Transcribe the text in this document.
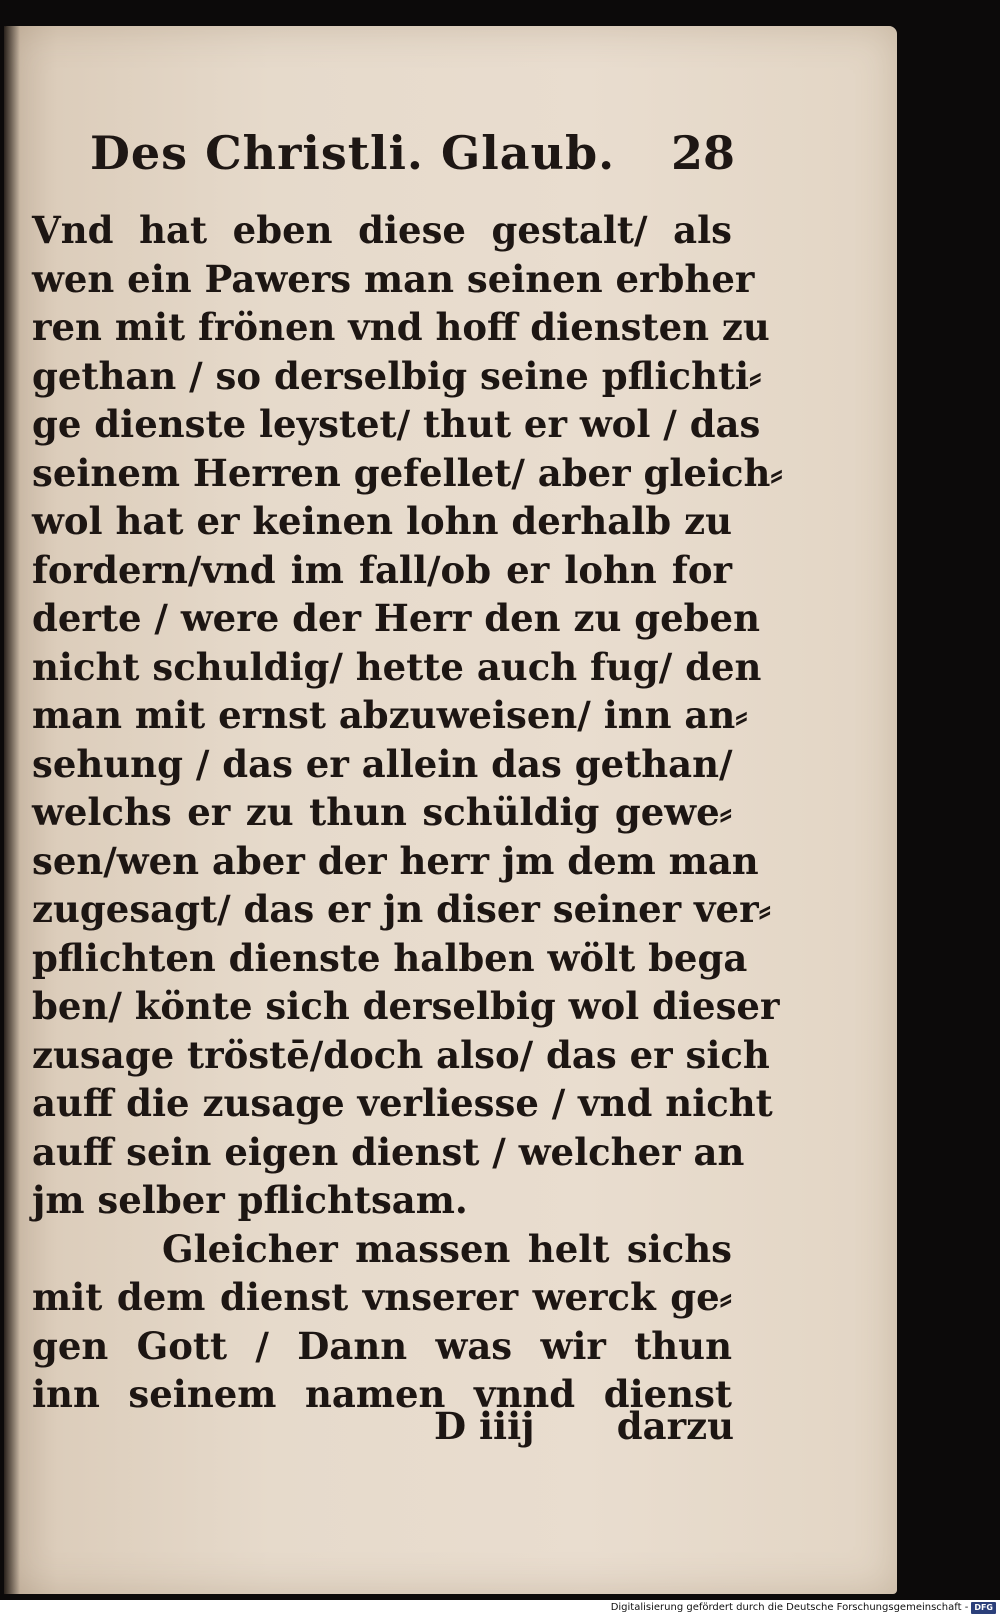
Des Christli. Glaub. 28
Vnd hat eben diese gestalt/ als
wen ein Pawers man seinen erbher
ren mit frönen vnd hoff diensten zu
gethan / so derselbig seine pflichti⸗
ge dienste leystet/ thut er wol / das
seinem Herren gefellet/ aber gleich⸗
wol hat er keinen lohn derhalb zu
fordern/vnd im fall/ob er lohn for
derte / were der Herr den zu geben
nicht schuldig/ hette auch fug/ den
man mit ernst abzuweisen/ inn an⸗
sehung / das er allein das gethan/
welchs er zu thun schüldig gewe⸗
sen/wen aber der herr jm dem man
zugesagt/ das er jn diser seiner ver⸗
pflichten dienste halben wölt bega
ben/ könte sich derselbig wol dieser
zusage tröstē/doch also/ das er sich
auff die zusage verliesse / vnd nicht
auff sein eigen dienst / welcher an
jm selber pflichtsam.
Gleicher massen helt sichs
mit dem dienst vnserer werck ge⸗
gen Gott / Dann was wir thun
inn seinem namen vnnd dienst
D iiij darzu
Digitalisierung gefördert durch die Deutsche Forschungsgemeinschaft - DFG
